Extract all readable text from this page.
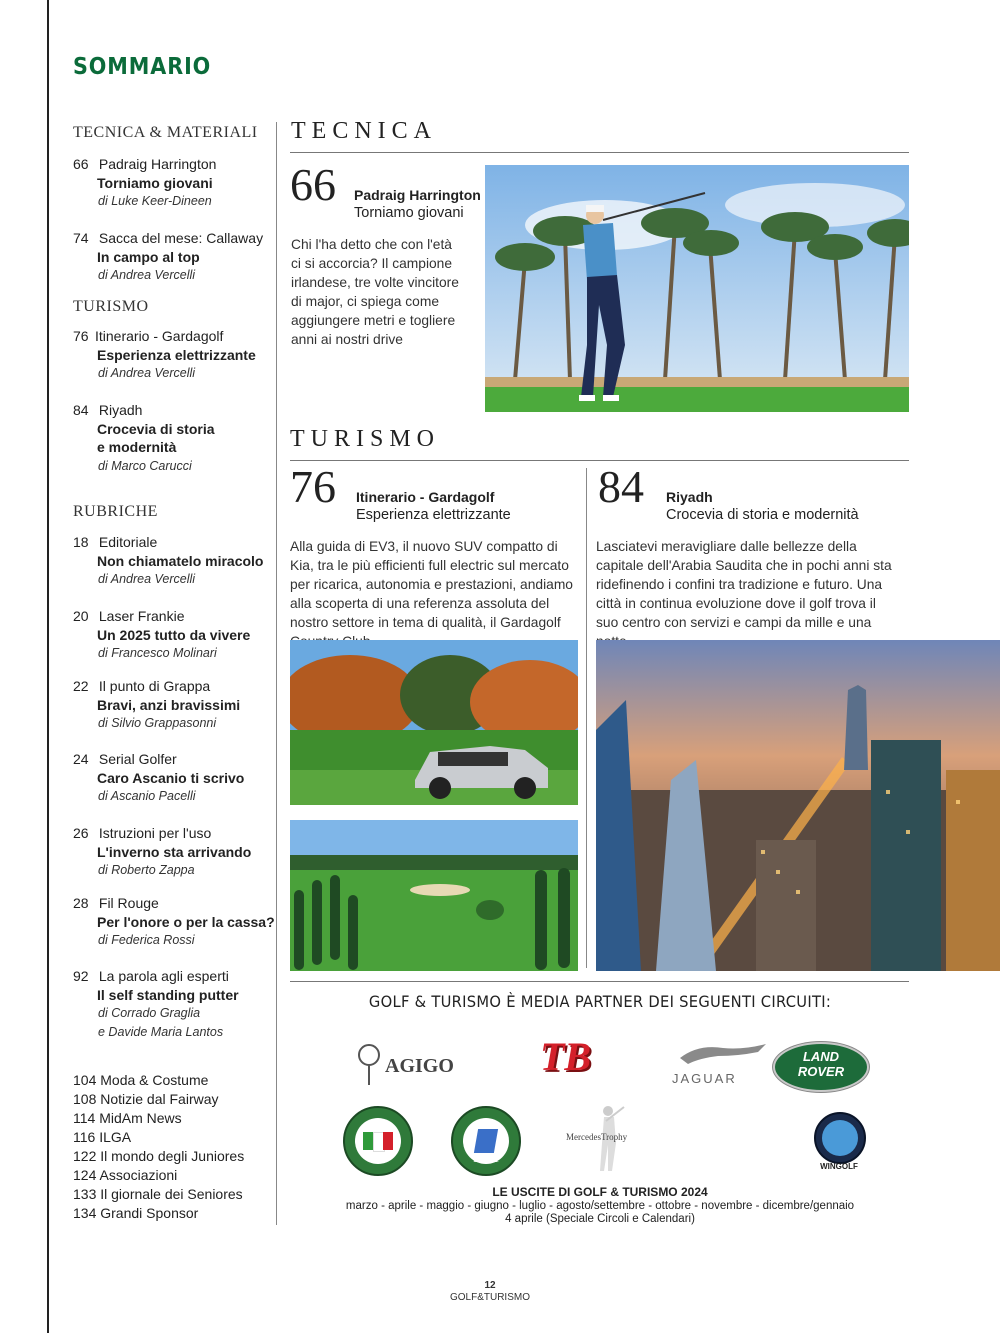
SOMMARIO
TECNICA & MATERIALI
66 Padraig Harrington
Torniamo giovani
di Luke Keer-Dineen
74 Sacca del mese: Callaway
In campo al top
di Andrea Vercelli
TURISMO
76 Itinerario - Gardagolf
Esperienza elettrizzante
di Andrea Vercelli
84 Riyadh
Crocevia di storia
e modernità
di Marco Carucci
RUBRICHE
18 Editoriale
Non chiamatelo miracolo
di Andrea Vercelli
20 Laser Frankie
Un 2025 tutto da vivere
di Francesco Molinari
22 Il punto di Grappa
Bravi, anzi bravissimi
di Silvio Grappasonni
24 Serial Golfer
Caro Ascanio ti scrivo
di Ascanio Pacelli
26 Istruzioni per l'uso
L'inverno sta arrivando
di Roberto Zappa
28 Fil Rouge
Per l'onore o per la cassa?
di Federica Rossi
92 La parola agli esperti
Il self standing putter
di Corrado Graglia
e Davide Maria Lantos
104 Moda & Costume
108 Notizie dal Fairway
114 MidAm News
116 ILGA
122 Il mondo degli Juniores
124 Associazioni
133 Il giornale dei Seniores
134 Grandi Sponsor
TECNICA
66 Padraig Harrington
Torniamo giovani
Chi l'ha detto che con l'età ci si accorcia? Il campione irlandese, tre volte vincitore di major, ci spiega come aggiungere metri e togliere anni ai nostri drive
TURISMO
76 Itinerario - Gardagolf
Esperienza elettrizzante
Alla guida di EV3, il nuovo SUV compatto di Kia, tra le più efficienti full electric sul mercato per ricarica, autonomia e prestazioni, andiamo alla scoperta di una referenza assoluta del nostro settore in tema di qualità, il Gardagolf
84 Riyadh
Crocevia di storia e modernità
Lasciatevi meravigliare dalle bellezze della capitale dell'Arabia Saudita che in pochi anni sta ridefinendo i confini tra tradizione e futuro. Una città in continua evoluzione dove il golf trova il suo centro con servizi e campi da mille e una
GOLF & TURISMO È MEDIA PARTNER DEI SEGUENTI CIRCUITI:
AGIGO TB	JAGUAR
LAND
ROVER
ITALY	EUROPE
MercedesTrophy
WINGOLF
LE USCITE DI GOLF & TURISMO 2024
marzo - aprile - maggio - giugno - luglio - agosto/settembre - ottobre - novembre - dicembre/gennaio
4 aprile (Speciale Circoli e Calendari)
12
GOLF&TURISMO
